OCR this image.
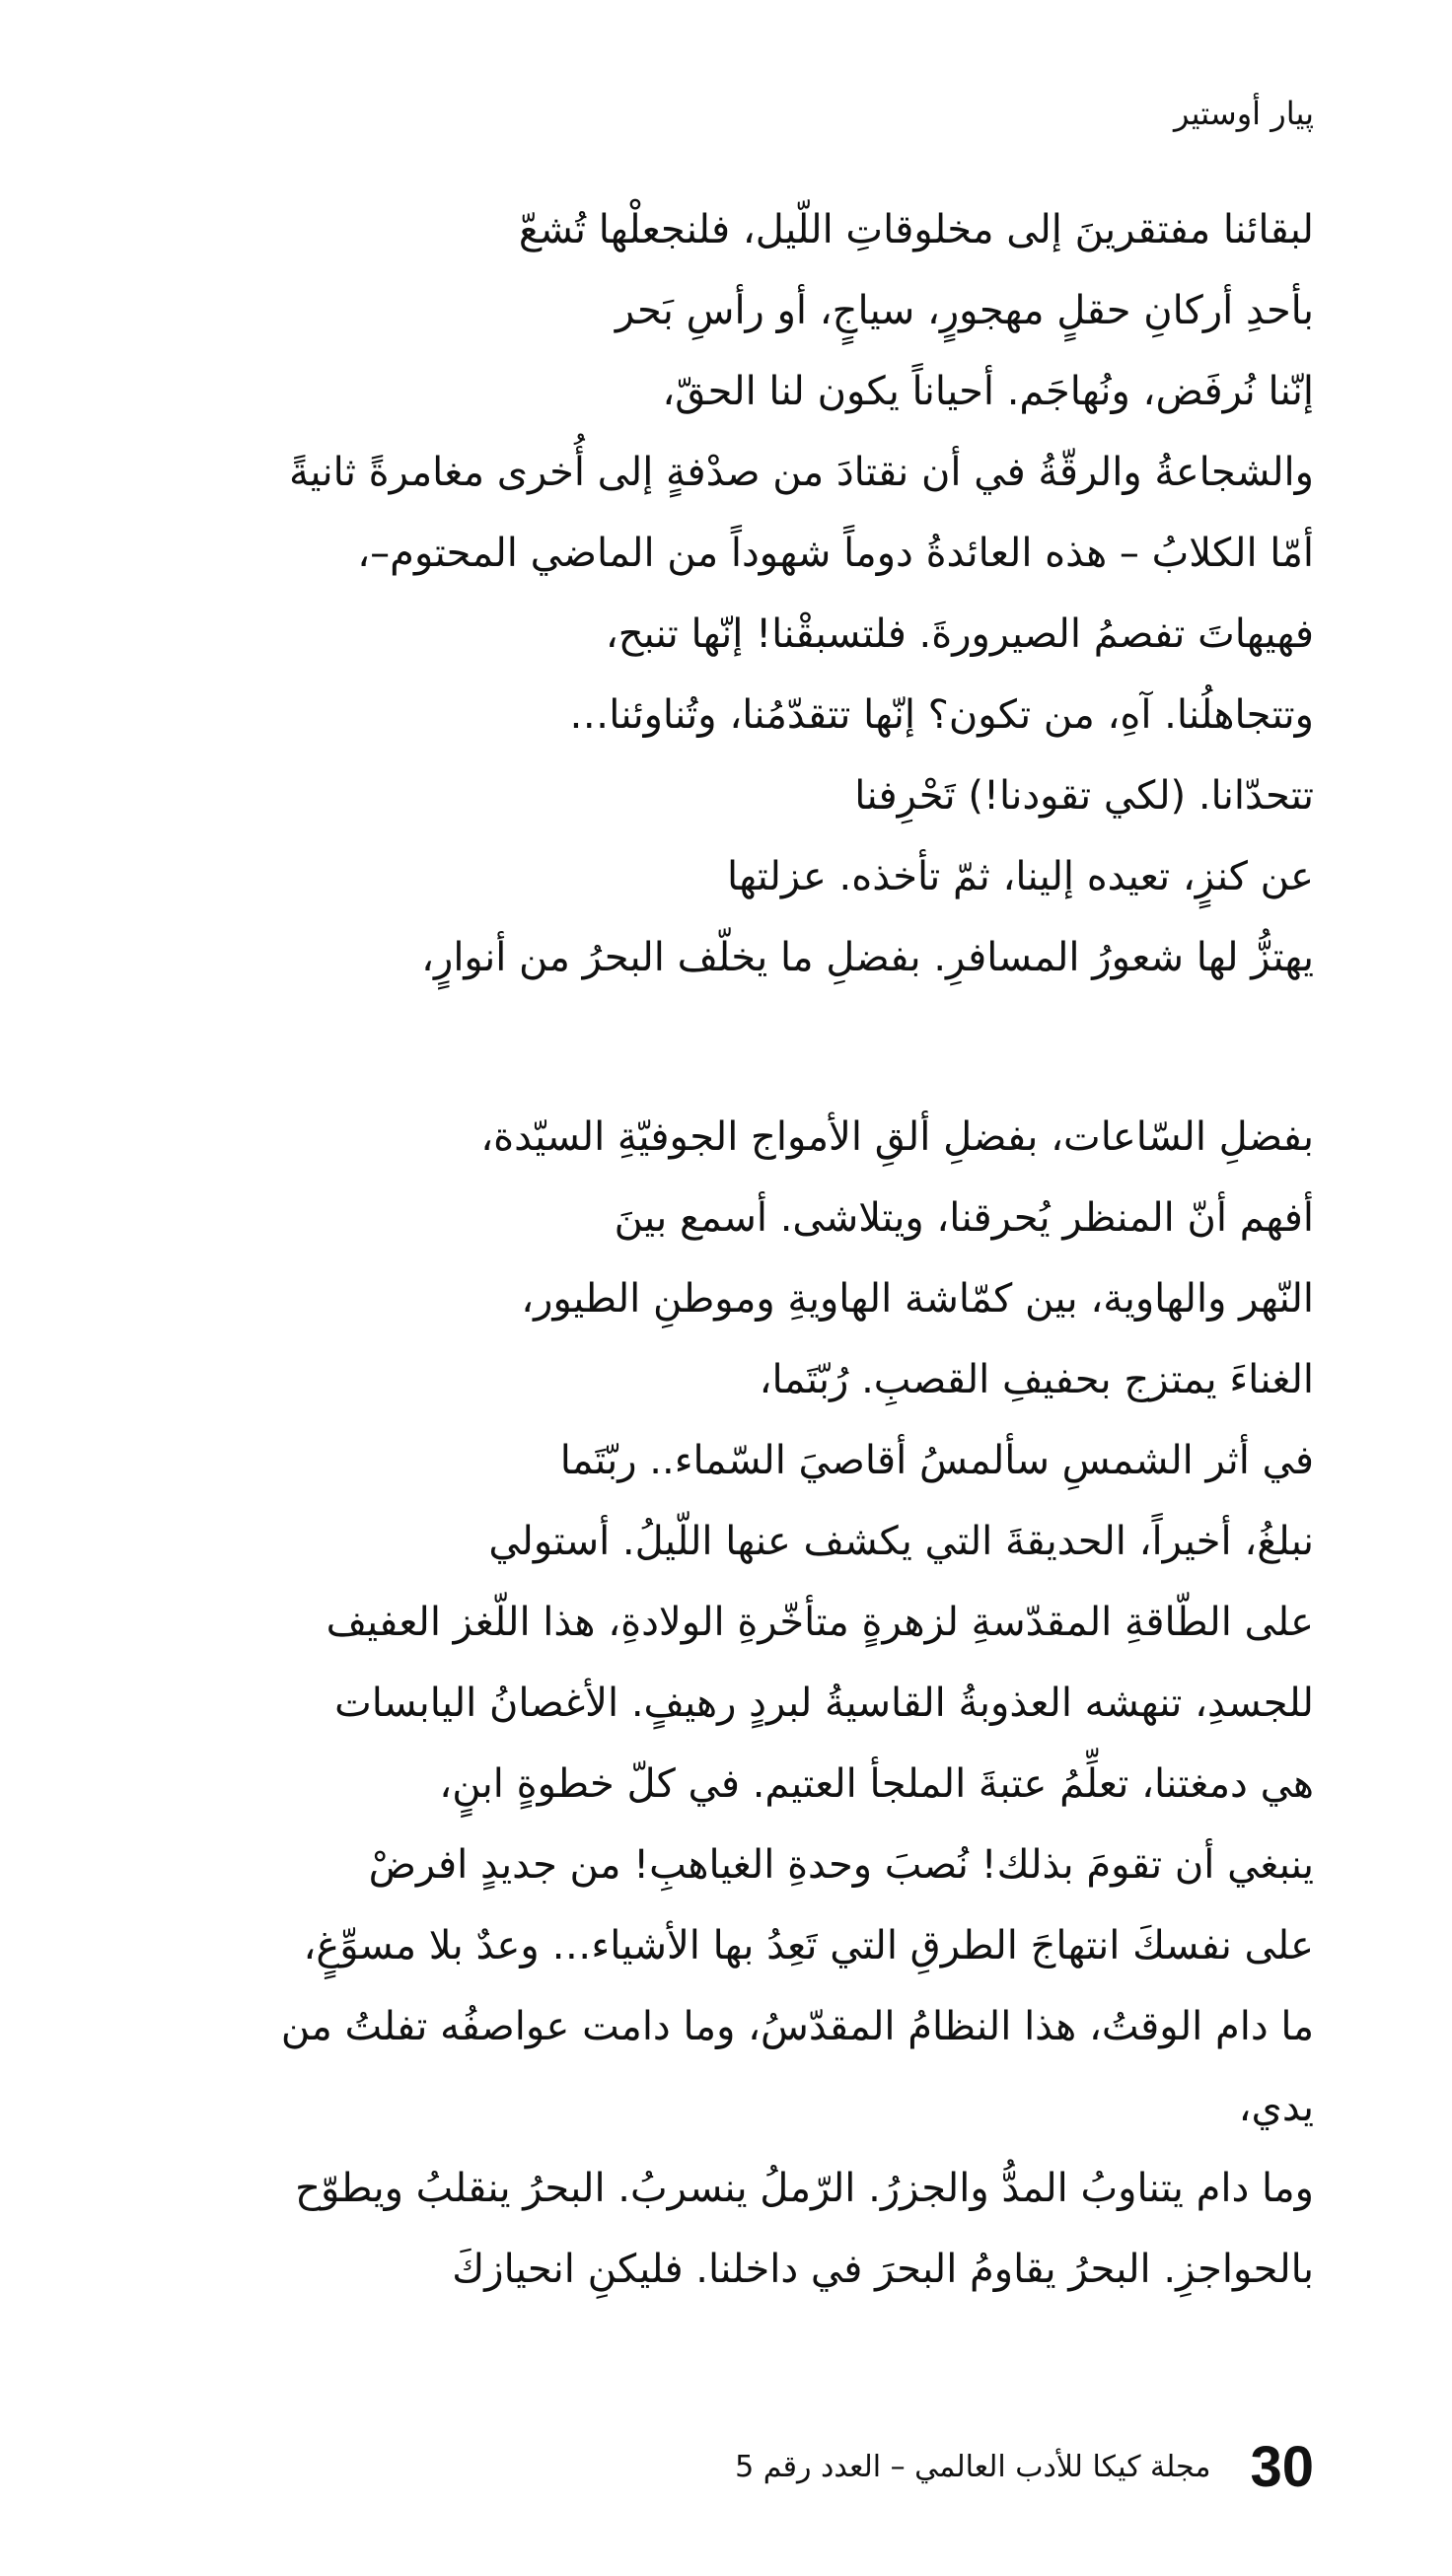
پيار أوستير
لبقائنا مفتقرينَ إلى مخلوقاتِ اللّيل، فلنجعلْها تُشعّ
بأحدِ أركانِ حقلٍ مهجورٍ، سياجٍ، أو رأسِ بَحر
إنّنا نُرفَض، ونُهاجَم. أحياناً يكون لنا الحقّ،
والشجاعةُ والرقّةُ في أن نقتادَ من صدْفةٍ إلى أُخرى مغامرةً ثانيةً
أمّا الكلابُ – هذه العائدةُ دوماً شهوداً من الماضي المحتوم–،
فهيهاتَ تفصمُ الصيرورةَ. فلتسبقْنا! إنّها تنبح،
وتتجاهلُنا. آهِ، من تكون؟ إنّها تتقدّمُنا، وتُناوئنا…
تتحدّانا. (لكي تقودنا!) تَحْرِفنا
عن كنزٍ، تعيده إلينا، ثمّ تأخذه. عزلتها
يهتزُّ لها شعورُ المسافرِ. بفضلِ ما يخلّف البحرُ من أنوارٍ،
بفضلِ السّاعات، بفضلِ ألقِ الأمواج الجوفيّةِ السيّدة،
أفهم أنّ المنظر يُحرقنا، ويتلاشى. أسمع بينَ
النّهر والهاوية، بين كمّاشة الهاويةِ وموطنِ الطيور،
الغناءَ يمتزج بحفيفِ القصبِ. رُبّتَما،
في أثر الشمسِ سألمسُ أقاصيَ السّماء.. ربّتَما
نبلغُ، أخيراً، الحديقةَ التي يكشف عنها اللّيلُ. أستولي
على الطّاقةِ المقدّسةِ لزهرةٍ متأخّرةِ الولادةِ، هذا اللّغز العفيف
للجسدِ، تنهشه العذوبةُ القاسيةُ لبردٍ رهيفٍ. الأغصانُ اليابسات
هي دمغتنا، تعلِّمُ عتبةَ الملجأ العتيم. في كلّ خطوةٍ ابنٍ،
ينبغي أن تقومَ بذلك! نُصبَ وحدةِ الغياهبِ! من جديدٍ افرضْ
على نفسكَ انتهاجَ الطرقِ التي تَعِدُ بها الأشياء… وعدٌ بلا مسوِّغٍ،
ما دام الوقتُ، هذا النظامُ المقدّسُ، وما دامت عواصفُه تفلتُ من
يدي،
وما دام يتناوبُ المدُّ والجزرُ. الرّملُ ينسربُ. البحرُ ينقلبُ ويطوّح
بالحواجزِ. البحرُ يقاومُ البحرَ في داخلنا. فليكنِ انحيازكَ
مجلة كيكا للأدب العالمي – العدد رقم 5 30
